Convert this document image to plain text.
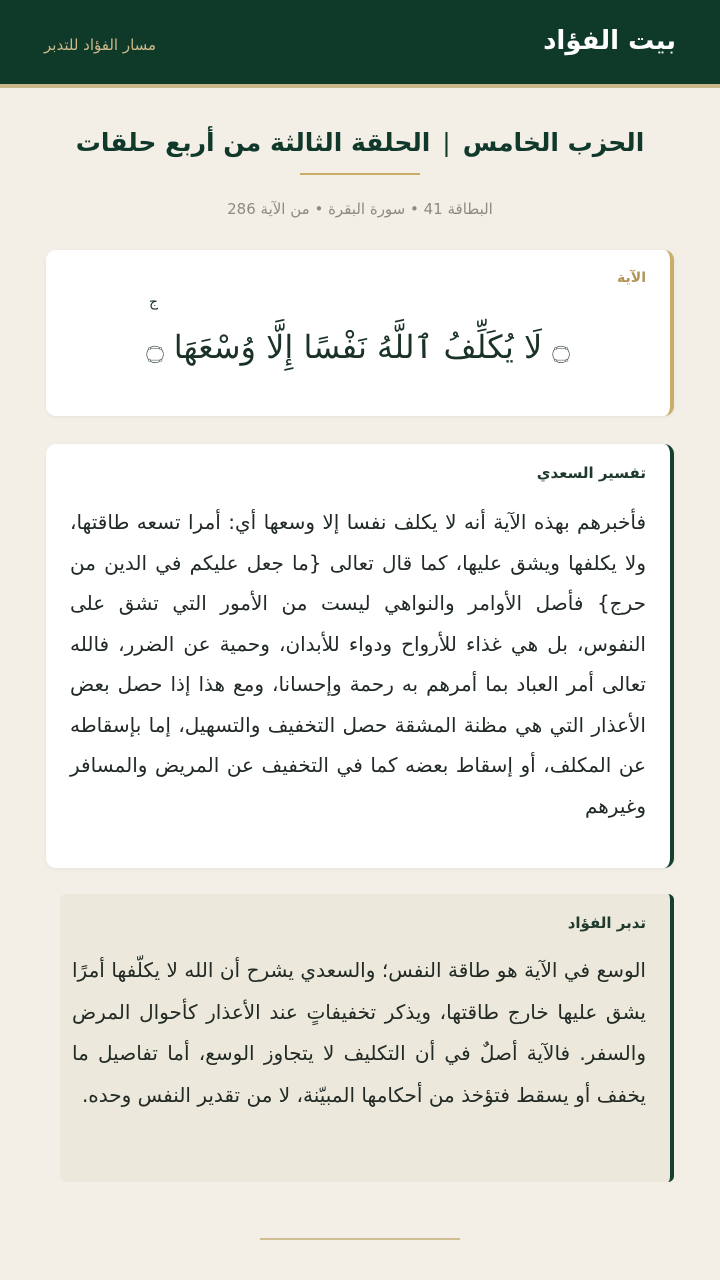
بيت الفؤاد
مسار الفؤاد للتدبر
الحزب الخامس|الحلقة الثالثة من أربع حلقات
البطاقة 41 • سورة البقرة • من الآية 286
الآية
ج
۝لَا يُكَلِّفُ ٱللَّهُ نَفْسًا إِلَّا وُسْعَهَا۝
تفسير السعدي
فأخبرهم بهذه الآية أنه لا يكلف نفسا إلا وسعها أي: أمرا تسعه طاقتها، ولا يكلفها ويشق عليها، كما قال تعالى {ما جعل عليكم في الدين من حرج} فأصل الأوامر والنواهي ليست من الأمور التي تشق على النفوس، بل هي غذاء للأرواح ودواء للأبدان، وحمية عن الضرر، فالله تعالى أمر العباد بما أمرهم به رحمة وإحسانا، ومع هذا إذا حصل بعض الأعذار التي هي مظنة المشقة حصل التخفيف والتسهيل، إما بإسقاطه عن المكلف، أو إسقاط بعضه كما في التخفيف عن المريض والمسافر وغيرهم
تدبر الفؤاد
الوسع في الآية هو طاقة النفس؛ والسعدي يشرح أن الله لا يكلّفها أمرًا يشق عليها خارج طاقتها، ويذكر تخفيفاتٍ عند الأعذار كأحوال المرض والسفر. فالآية أصلٌ في أن التكليف لا يتجاوز الوسع، أما تفاصيل ما يخفف أو يسقط فتؤخذ من أحكامها المبيّنة، لا من تقدير النفس وحده.
